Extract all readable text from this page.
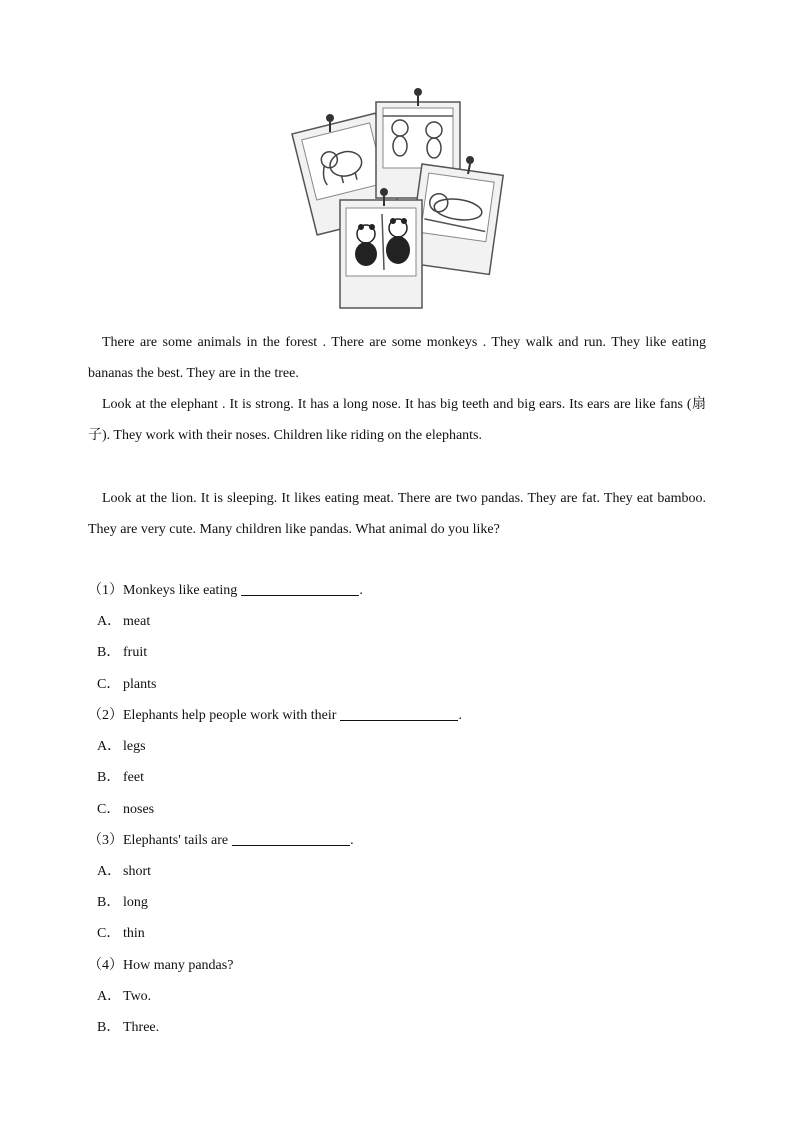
There are some animals in the forest . There are some monkeys . They walk and run. They like eating bananas the best. They are in the tree.

Look at the elephant . It is strong. It has a long nose. It has big teeth and big ears. Its ears are like fans (扇子). They work with their noses. Children like riding on the elephants.

Look at the lion. It is sleeping. It likes eating meat. There are two pandas. They are fat. They eat bamboo. They are very cute. Many children like pandas. What animal do you like?

（1）Monkeys like eating	.
A． meat
B． fruit
C． plants
（2）Elephants help people work with their	.
A． legs
B． feet
C． noses
（3）Elephants' tails are	.
A． short
B． long
C． thin
（4）How many pandas?
A． Two.
B． Three.
